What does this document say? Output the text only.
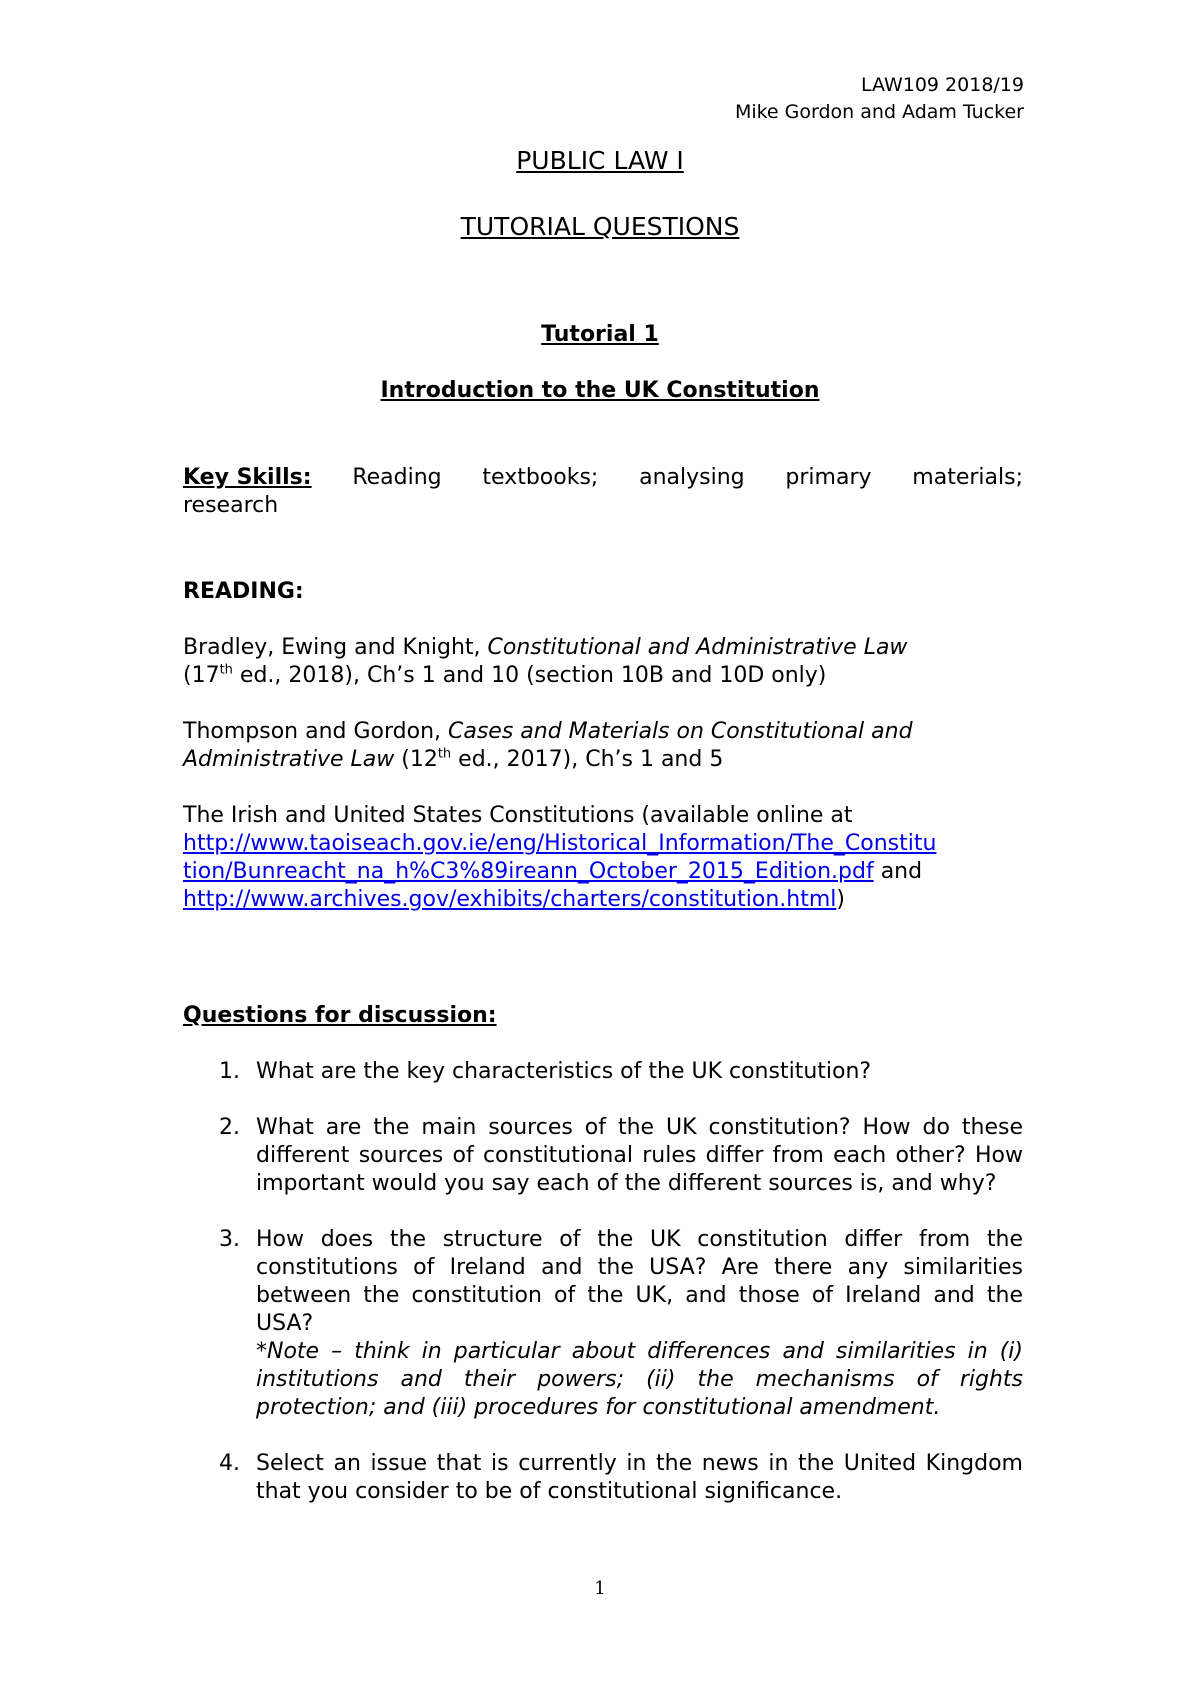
LAW109 2018/19
Mike Gordon and Adam Tucker
PUBLIC LAW I
TUTORIAL QUESTIONS
Tutorial 1
Introduction to the UK Constitution
Key Skills: Reading textbooks; analysing primary materials;
research
READING:
Bradley, Ewing and Knight, Constitutional and Administrative Law
(17th ed., 2018), Ch’s 1 and 10 (section 10B and 10D only)
Thompson and Gordon, Cases and Materials on Constitutional and
Administrative Law (12th ed., 2017), Ch’s 1 and 5
The Irish and United States Constitutions (available online at
http://www.taoiseach.gov.ie/eng/Historical_Information/The_Constitu
tion/Bunreacht_na_h%C3%89ireann_October_2015_Edition.pdf and
http://www.archives.gov/exhibits/charters/constitution.html)
Questions for discussion:
1. What are the key characteristics of the UK constitution?
2. What are the main sources of the UK constitution? How do these different sources of constitutional rules differ from each other? How important would you say each of the different sources is, and why?
3. How does the structure of the UK constitution differ from the constitutions of Ireland and the USA? Are there any similarities between the constitution of the UK, and those of Ireland and the USA?
*Note – think in particular about differences and similarities in (i) institutions and their powers; (ii) the mechanisms of rights protection; and (iii) procedures for constitutional amendment.
4. Select an issue that is currently in the news in the United Kingdom that you consider to be of constitutional significance.
1
